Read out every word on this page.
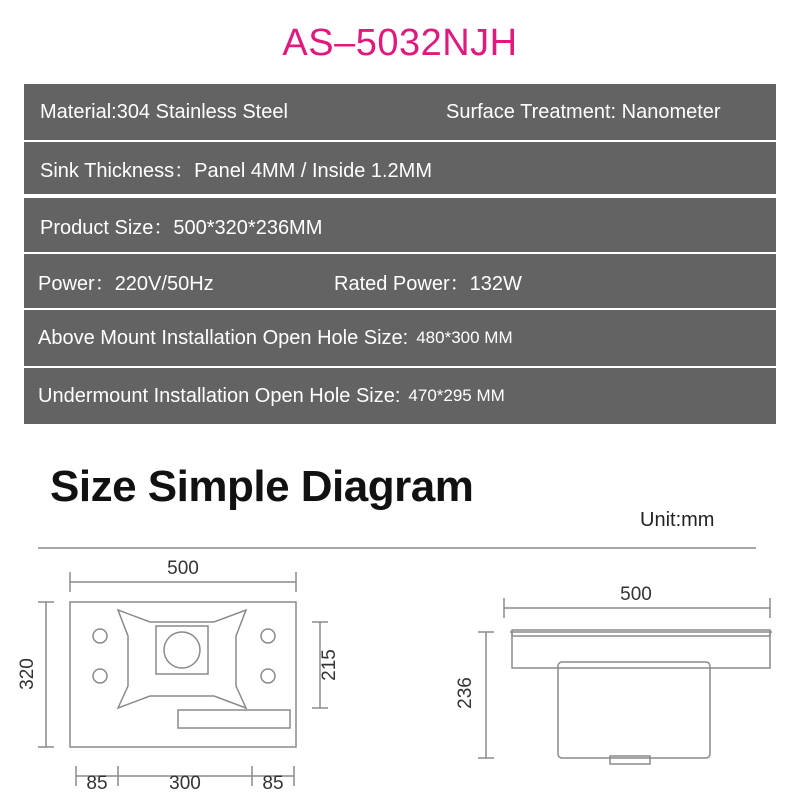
AS–5032NJH
Material:304 Stainless Steel	Surface Treatment: Nanometer
Sink Thickness：Panel 4MM / Inside 1.2MM
Product Size：500*320*236MM
Power：220V/50Hz	Rated Power：132W
Above Mount Installation Open Hole Size: 480*300 MM
Undermount Installation Open Hole Size: 470*295 MM
Size Simple Diagram
Unit:mm
500
320	215
85	300	85
500
236
